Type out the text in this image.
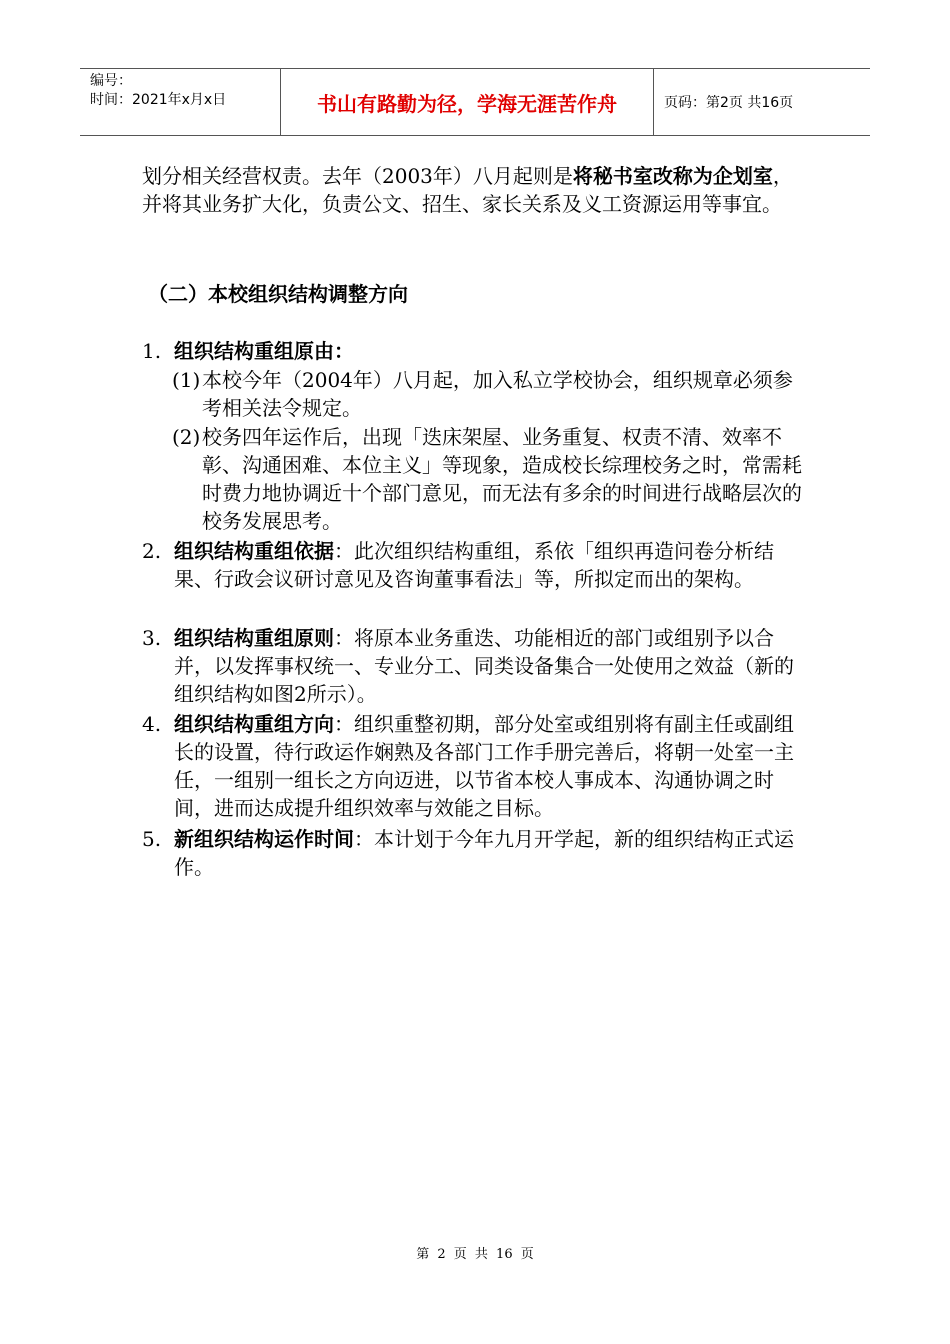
编号：
时间：2021年x月x日	书山有路勤为径，学海无涯苦作舟	页码：第2页 共16页
划分相关经营权责。去年（2003年）八月起则是将秘书室改称为企划室，并将其业务扩大化，负责公文、招生、家长关系及义工资源运用等事宜。
（二）本校组织结构调整方向
1. 组织结构重组原由：
(1) 本校今年（2004年）八月起，加入私立学校协会，组织规章必须参考相关法令规定。
(2) 校务四年运作后，出现「迭床架屋、业务重复、权责不清、效率不彰、沟通困难、本位主义」等现象，造成校长综理校务之时，常需耗时费力地协调近十个部门意见，而无法有多余的时间进行战略层次的校务发展思考。
2. 组织结构重组依据：此次组织结构重组，系依「组织再造问卷分析结果、行政会议研讨意见及咨询董事看法」等，所拟定而出的架构。
3. 组织结构重组原则：将原本业务重迭、功能相近的部门或组别予以合并，以发挥事权统一、专业分工、同类设备集合一处使用之效益（新的组织结构如图2所示）。
4. 组织结构重组方向：组织重整初期，部分处室或组别将有副主任或副组长的设置，待行政运作娴熟及各部门工作手册完善后，将朝一处室一主任，一组别一组长之方向迈进，以节省本校人事成本、沟通协调之时间，进而达成提升组织效率与效能之目标。
5. 新组织结构运作时间：本计划于今年九月开学起，新的组织结构正式运作。
第 2 页 共 16 页
